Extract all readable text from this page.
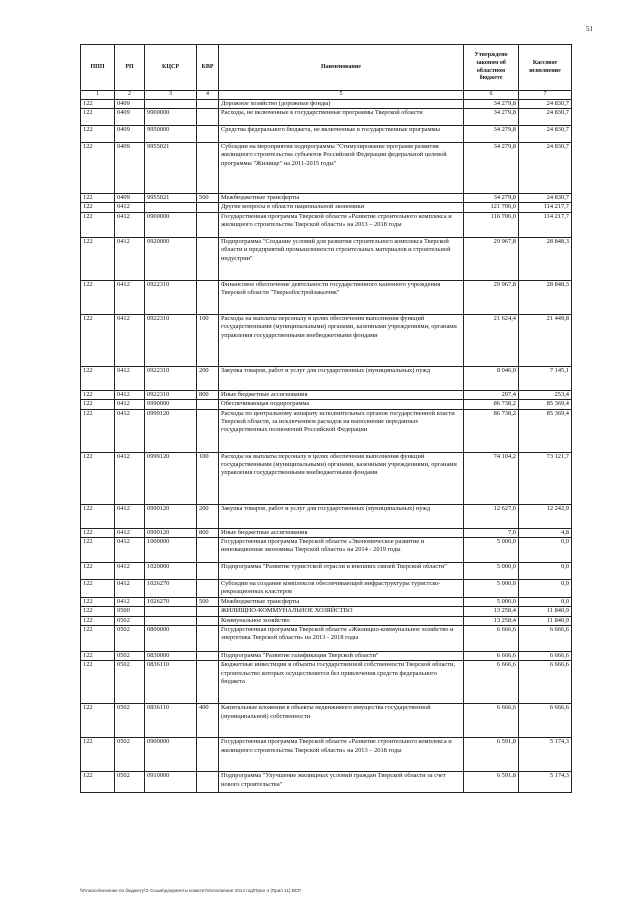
51
ППП	РП	КЦСР	КВР	Наименование	Утверждено законом об областном бюджете	Кассовое исполнение
1	2	3	4	5	6	7
122	0409			Дорожное хозяйство (дорожные фонды)	34 279,8	24 830,7
122	0409	9900000		Расходы, не включенные в государственные программы Тверской области	34 279,8	24 830,7
122	0409	9950000		Средства федерального бюджета, не включенные в государственные программы	34 279,8	24 830,7
122	0409	9955021		Субсидии на мероприятия подпрограммы "Стимулирование программ развития жилищного строительства субъектов Российской Федерации федеральной целевой программы "Жилище" на 2011-2015 годы"	34 279,8	24 830,7
122	0409	9955021	500	Межбюджетные трансферты	34 279,8	24 830,7
122	0412			Другие вопросы в области национальной экономики	121 706,0	114 217,7
122	0412	0900000		Государственная программа Тверской области «Развитие строительного комплекса и жилищного строительства Тверской области» на 2013 – 2018 годы	116 706,0	114 217,7
122	0412	0920000		Подпрограмма "Создание условий для развития строительного комплекса Тверской области и предприятий промышленности строительных материалов и строительной индустрии"	29 967,8	28 848,3
122	0412	0922310		Финансовое обеспечение деятельности государственного казенного учреждения Тверской области "Тверьоблстройзаказчик"	29 967,8	28 848,3
122	0412	0922310	100	Расходы на выплаты персоналу в целях обеспечения выполнения функций государственными (муниципальными) органами, казенными учреждениями, органами управления государственными внебюджетными фондами	21 624,4	21 449,8
122	0412	0922310	200	Закупка товаров, работ и услуг для государственных (муниципальных) нужд	8 046,0	7 145,1
122	0412	0922310	800	Иные бюджетные ассигнования	297,4	253,4
122	0412	0990000		Обеспечивающая подпрограмма	86 738,2	85 369,4
122	0412	0999120		Расходы по центральному аппарату исполнительных органов государственной власти Тверской области, за исключением расходов на выполнение переданных государственных полномочий Российской Федерации	86 738,2	85 369,4
122	0412	0999120	100	Расходы на выплаты персоналу в целях обеспечения выполнения функций государственными (муниципальными) органами, казенными учреждениями, органами управления государственными внебюджетными фондами	74 104,2	73 121,7
122	0412	0999120	200	Закупка товаров, работ и услуг для государственных (муниципальных) нужд	12 627,0	12 242,9
122	0412	0999120	800	Иные бюджетные ассигнования	7,0	4,8
122	0412	1000000		Государственная программа Тверской области «Экономическое развитие и инновационная экономика Тверской области» на 2014 - 2019 годы	5 000,0	0,0
122	0412	1020000		Подпрограмма "Развитие туристской отрасли и внешних связей Тверской области"	5 000,0	0,0
122	0412	1026270		Субсидии на создание комплексов обеспечивающей инфраструктуры туристско-рекреационных кластеров	5 000,0	0,0
122	0412	1026270	500	Межбюджетные трансферты	5 000,0	0,0
122	0500			ЖИЛИЩНО-КОММУНАЛЬНОЕ ХОЗЯЙСТВО	13 258,4	11 840,9
122	0502			Коммунальное хозяйство	13 258,4	11 840,9
122	0502	0800000		Государственная программа Тверской области «Жилищно-коммунальное хозяйство и энергетика Тверской области» на 2013 - 2018 годы	6 666,6	6 666,6
122	0502	0830000		Подпрограмма "Развитие газификации Тверской области"	6 666,6	6 666,6
122	0502	0836110		Бюджетные инвестиции в объекты государственной собственности Тверской области, строительство которых осуществляется без привлечения средств федерального бюджета	6 666,6	6 666,6
122	0502	0836110	400	Капитальные вложения в объекты недвижимого имущества государственной (муниципальной) собственности	6 666,6	6 666,6
122	0502	0900000		Государственная программа Тверской области «Развитие строительного комплекса и жилищного строительства Тверской области» на 2013 – 2018 годы	6 591,8	5 174,3
122	0502	0910000		Подпрограмма "Улучшение жилищных условий граждан Тверской области за счет нового строительства"	6 591,8	5 174,3
\\Finance\иснение по бюджету\Э Созыв\документы комитет\Исполнение 2014 год\Прил 4 (Прил 11) ВСР
